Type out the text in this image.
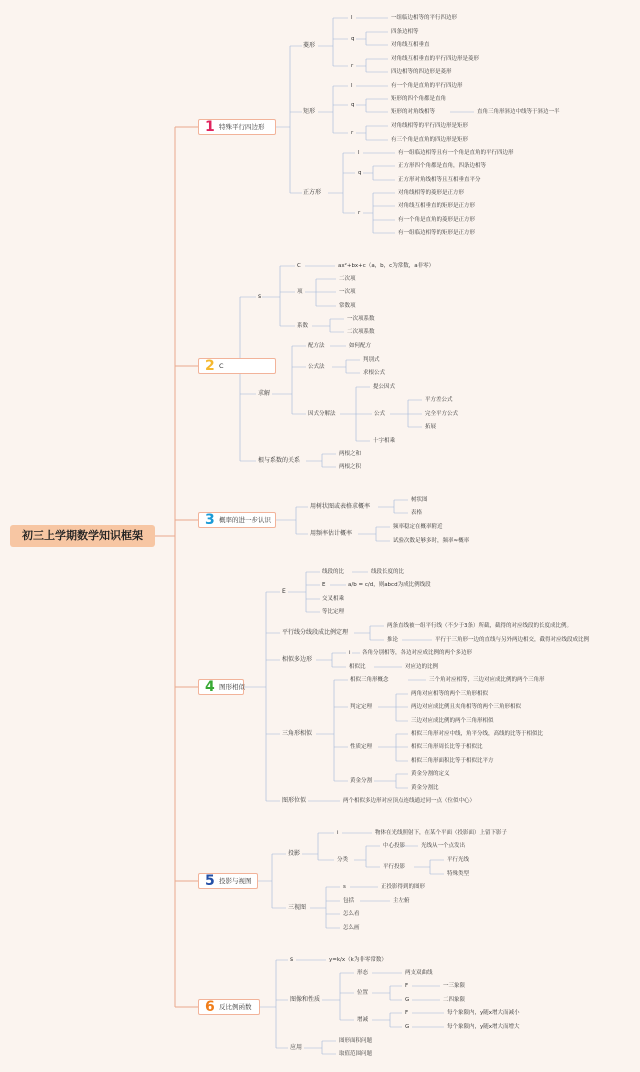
初三上学期数学知识框架
1 特殊平行四边形
2 C
3 概率的进一步认识
4 图形相似
5 投影与视图
6 反比例函数
菱形
l
q
r
一组临边相等的平行四边形
四条边相等
对角线互相垂直
对角线互相垂直的平行四边形是菱形
四边相等的四边形是菱形
矩形
l
q
r
有一个角是直角的平行四边形
矩形的四个角都是直角
矩形的对角线相等	直角三角形斜边中线等于斜边一半
对角线相等的平行四边形是矩形
有三个角是直角的四边形是矩形
正方形
l
q
r
有一组临边相等且有一个角是直角的平行四边形
正方形四个角都是直角，四条边相等
正方形对角线相等且互相垂直平分
对角线相等的菱形是正方形
对角线互相垂直的矩形是正方形
有一个角是直角的菱形是正方形
有一组临边相等的矩形是正方形
s
C	ax²+bx+c（a，b，c为常数，a非零）
项
二次项
一次项
常数项
系数
一次项系数
二次项系数
求解
配方法	如何配方
公式法
判别式
求根公式
因式分解法
提公因式
公式
平方差公式
完全平方公式
拓展
十字相乘
根与系数的关系
两根之和
两根之积
用树状图或表格求概率
树状图
表格
用频率估计概率
频率稳定在概率附近
试验次数足够多时，频率≈概率
E
线段的比	线段长度的比
E	a/b = c/d，则abcd为成比例线段
交叉相乘
等比定理
平行线分线段成比例定理
两条直线被一组平行线（不少于3条）所截，截得的对应线段的长度成比例。
推论	平行于三角形一边的直线与另外两边相交，截得对应线段成比例
相似多边形
i 各角分别相等，各边对应成比例的两个多边形
相似比	对应边的比例
三角形相似
相似三角形概念	三个角对应相等，三边对应成比例的两个三角形
判定定理
两角对应相等的两个三角形相似
两边对应成比例且夹角相等的两个三角形相似
三边对应成比例的两个三角形相似
性质定理
相似三角形对应中线，角平分线，高线的比等于相似比
相似三角形周长比等于相似比
相似三角形面积比等于相似比平方
黄金分割
黄金分割的定义
黄金分割比
图形位似	两个相似多边形对应顶点连线通过同一点（位似中心）
投影
i	物体在光线照射下，在某个平面（投影面）上留下影子
分类
中心投影	光线从一个点发出
平行投影
平行光线
特殊类型
三视图
s	正投影得到的图形
包括	主左俯
怎么看
怎么画
s	y=k/x（k为非零常数）
图像和性质
形态	两支双曲线
位置
F	一三象限
G	二四象限
增减
F	每个象限内，y随x增大而减小
G	每个象限内，y随x增大而增大
应用
图形面积问题
取值范围问题
